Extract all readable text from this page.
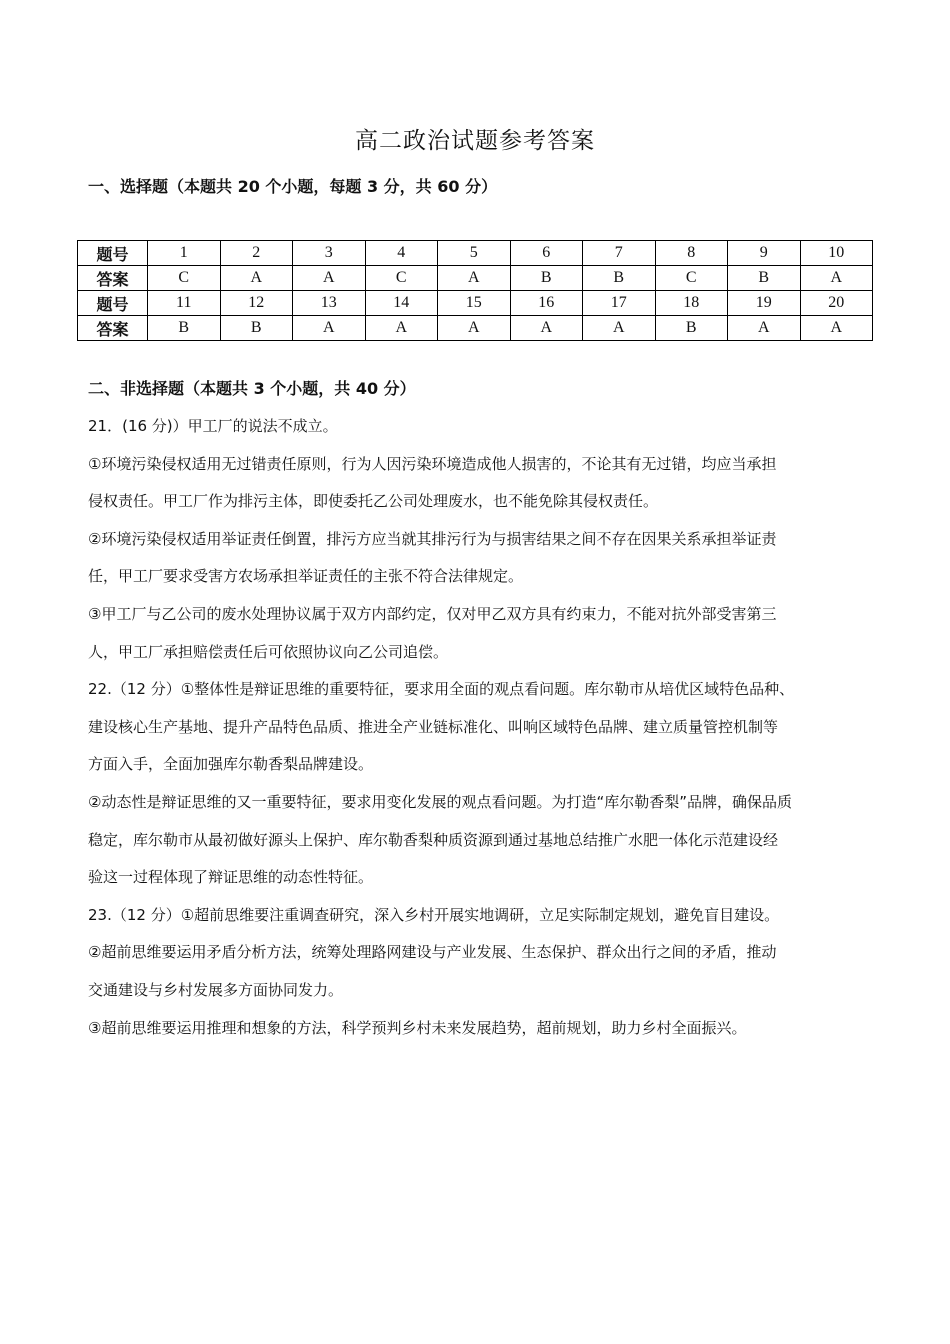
高二政治试题参考答案
一、选择题（本题共 20 个小题，每题 3 分，共 60 分）
题号	1	2	3	4	5	6	7	8	9	10
答案	C	A	A	C	A	B	B	C	B	A
题号	11	12	13	14	15	16	17	18	19	20
答案	B	B	A	A	A	A	A	B	A	A
二、非选择题（本题共 3 个小题，共 40 分）

21．(16 分)）甲工厂的说法不成立。

①环境污染侵权适用无过错责任原则，行为人因污染环境造成他人损害的，不论其有无过错，均应当承担

侵权责任。甲工厂作为排污主体，即使委托乙公司处理废水，也不能免除其侵权责任。

②环境污染侵权适用举证责任倒置，排污方应当就其排污行为与损害结果之间不存在因果关系承担举证责

任，甲工厂要求受害方农场承担举证责任的主张不符合法律规定。

③甲工厂与乙公司的废水处理协议属于双方内部约定，仅对甲乙双方具有约束力，不能对抗外部受害第三

人，甲工厂承担赔偿责任后可依照协议向乙公司追偿。

22.（12 分）①整体性是辩证思维的重要特征，要求用全面的观点看问题。库尔勒市从培优区域特色品种、

建设核心生产基地、提升产品特色品质、推进全产业链标准化、叫响区域特色品牌、建立质量管控机制等

方面入手，全面加强库尔勒香梨品牌建设。

②动态性是辩证思维的又一重要特征，要求用变化发展的观点看问题。为打造“库尔勒香梨”品牌，确保品质

稳定，库尔勒市从最初做好源头上保护、库尔勒香梨种质资源到通过基地总结推广水肥一体化示范建设经

验这一过程体现了辩证思维的动态性特征。

23.（12 分）①超前思维要注重调查研究，深入乡村开展实地调研，立足实际制定规划，避免盲目建设。

②超前思维要运用矛盾分析方法，统筹处理路网建设与产业发展、生态保护、群众出行之间的矛盾，推动

交通建设与乡村发展多方面协同发力。

③超前思维要运用推理和想象的方法，科学预判乡村未来发展趋势，超前规划，助力乡村全面振兴。
